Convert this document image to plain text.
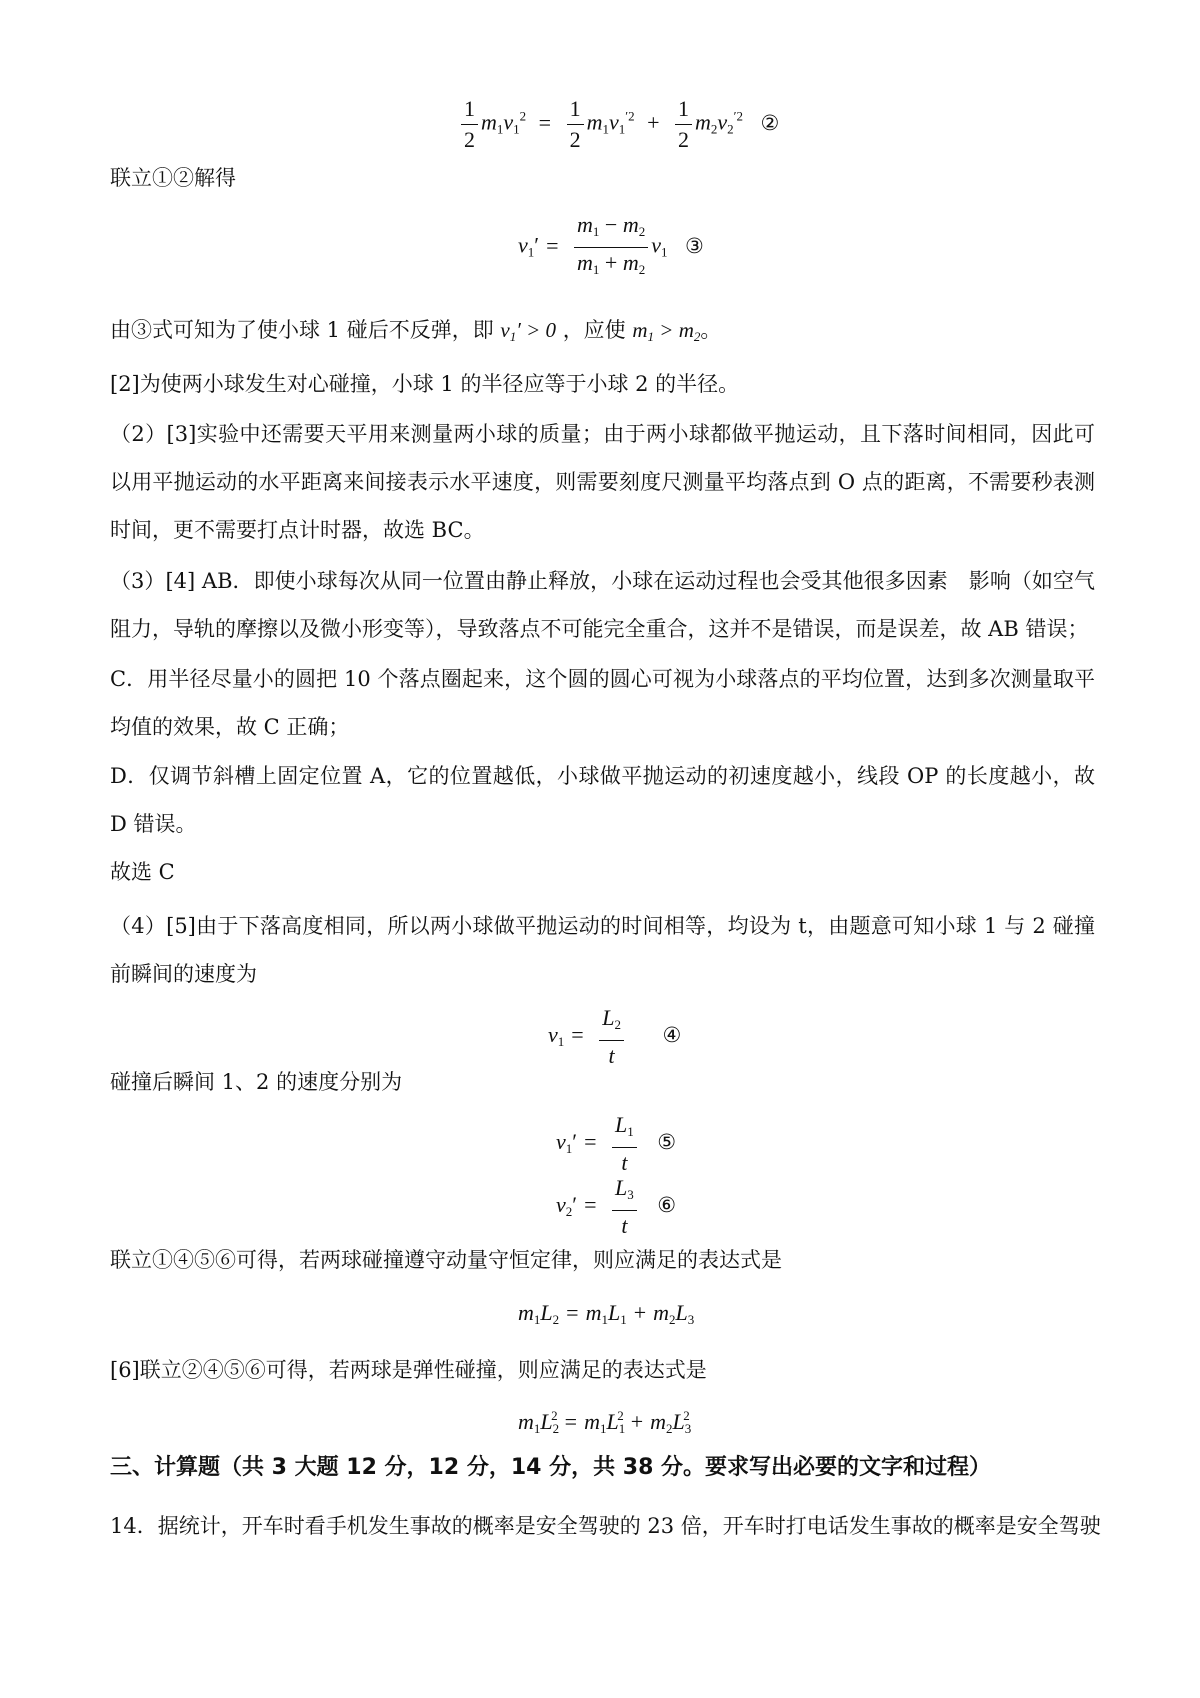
$\frac{1}{2} m_1v_1^2 = \frac{1}{2} m_1v_1^{'2} + \frac{1}{2} m_2v_2^{'2}$ ②
联立①②解得
$v_1' = \frac{m_1 - m_2}{m_1 + m_2} v_1$ ③
由③式可知为了使小球 1 碰后不反弹，即 $v_1' > 0$ ，应使 $m_1 > m_2$。
[2]为使两小球发生对心碰撞，小球 1 的半径应等于小球 2 的半径。
（2）[3]实验中还需要天平用来测量两小球的质量；由于两小球都做平抛运动，且下落时间相同，因此可以用平抛运动的水平距离来间接表示水平速度，则需要刻度尺测量平均落点到 O 点的距离，不需要秒表测时间，更不需要打点计时器，故选 BC。
（3）[4] AB．即使小球每次从同一位置由静止释放，小球在运动过程也会受其他很多因素　影响（如空气阻力，导轨的摩擦以及微小形变等），导致落点不可能完全重合，这并不是错误，而是误差，故 AB 错误；
C．用半径尽量小的圆把 10 个落点圈起来，这个圆的圆心可视为小球落点的平均位置，达到多次测量取平均值的效果，故 C 正确；
D．仅调节斜槽上固定位置 A，它的位置越低，小球做平抛运动的初速度越小，线段 OP 的长度越小，故 D 错误。
故选 C
（4）[5]由于下落高度相同，所以两小球做平抛运动的时间相等，均设为 t，由题意可知小球 1 与 2 碰撞前瞬间的速度为
$v_1 = \frac{L_2}{t}$ ④
碰撞后瞬间 1、2 的速度分别为
$v_1' = \frac{L_1}{t}$ ⑤
$v_2' = \frac{L_3}{t}$ ⑥
联立①④⑤⑥可得，若两球碰撞遵守动量守恒定律，则应满足的表达式是
$m_1L_2 = m_1L_1 + m_2L_3$
[6]联立②④⑤⑥可得，若两球是弹性碰撞，则应满足的表达式是
$m_1L_2^2 = m_1L_1^2 + m_2L_3^2$
三、计算题（共 3 大题 12 分，12 分，14 分，共 38 分。要求写出必要的文字和过程）
14．据统计，开车时看手机发生事故的概率是安全驾驶的 23 倍，开车时打电话发生事故的概率是安全驾驶
